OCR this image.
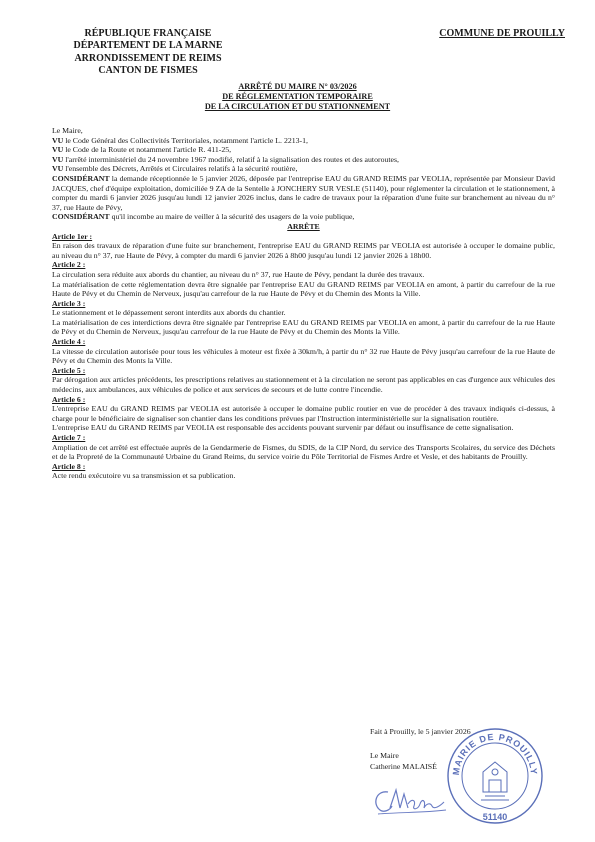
RÉPUBLIQUE FRANÇAISE
DÉPARTEMENT DE LA MARNE
ARRONDISSEMENT DE REIMS
CANTON DE FISMES
COMMUNE DE PROUILLY
ARRÊTÉ DU MAIRE N° 03/2026
DE RÉGLEMENTATION TEMPORAIRE
DE LA CIRCULATION ET DU STATIONNEMENT

Le Maire,

VU le Code Général des Collectivités Territoriales, notamment l'article L. 2213-1,

VU le Code de la Route et notamment l'article R. 411-25,

VU l'arrêté interministériel du 24 novembre 1967 modifié, relatif à la signalisation des routes et des autoroutes,

VU l'ensemble des Décrets, Arrêtés et Circulaires relatifs à la sécurité routière,

CONSIDÉRANT la demande réceptionnée le 5 janvier 2026, déposée par l'entreprise EAU du GRAND REIMS par VEOLIA, représentée par Monsieur David JACQUES, chef d'équipe exploitation, domiciliée 9 ZA de la Sentelle à JONCHERY SUR VESLE (51140), pour réglementer la circulation et le stationnement, à compter du mardi 6 janvier 2026 jusqu'au lundi 12 janvier 2026 inclus, dans le cadre de travaux pour la réparation d'une fuite sur branchement au niveau du n° 37, rue Haute de Pévy,

CONSIDÉRANT qu'il incombe au maire de veiller à la sécurité des usagers de la voie publique,

ARRÊTE

Article 1er :

En raison des travaux de réparation d'une fuite sur branchement, l'entreprise EAU du GRAND REIMS par VEOLIA est autorisée à occuper le domaine public, au niveau du n° 37, rue Haute de Pévy, à compter du mardi 6 janvier 2026 à 8h00 jusqu'au lundi 12 janvier 2026 à 18h00.

Article 2 :

La circulation sera réduite aux abords du chantier, au niveau du n° 37, rue Haute de Pévy, pendant la durée des travaux.

La matérialisation de cette réglementation devra être signalée par l'entreprise EAU du GRAND REIMS par VEOLIA en amont, à partir du carrefour de la rue Haute de Pévy et du Chemin de Nerveux, jusqu'au carrefour de la rue Haute de Pévy et du Chemin des Monts la Ville.

Article 3 :

Le stationnement et le dépassement seront interdits aux abords du chantier.

La matérialisation de ces interdictions devra être signalée par l'entreprise EAU du GRAND REIMS par VEOLIA en amont, à partir du carrefour de la rue Haute de Pévy et du Chemin de Nerveux, jusqu'au carrefour de la rue Haute de Pévy et du Chemin des Monts la Ville.

Article 4 :

La vitesse de circulation autorisée pour tous les véhicules à moteur est fixée à 30km/h, à partir du n° 32 rue Haute de Pévy jusqu'au carrefour de la rue Haute de Pévy et du Chemin des Monts la Ville.

Article 5 :

Par dérogation aux articles précédents, les prescriptions relatives au stationnement et à la circulation ne seront pas applicables en cas d'urgence aux véhicules des médecins, aux ambulances, aux véhicules de police et aux services de secours et de lutte contre l'incendie.

Article 6 :

L'entreprise EAU du GRAND REIMS par VEOLIA est autorisée à occuper le domaine public routier en vue de procéder à des travaux indiqués ci-dessus, à charge pour le bénéficiaire de signaliser son chantier dans les conditions prévues par l'Instruction interministérielle sur la signalisation routière.

L'entreprise EAU du GRAND REIMS par VEOLIA est responsable des accidents pouvant survenir par défaut ou insuffisance de cette signalisation.

Article 7 :

Ampliation de cet arrêté est effectuée auprès de la Gendarmerie de Fismes, du SDIS, de la CIP Nord, du service des Transports Scolaires, du service des Déchets et de la Propreté de la Communauté Urbaine du Grand Reims, du service voirie du Pôle Territorial de Fismes Ardre et Vesle, et des habitants de Prouilly.

Article 8 :

Acte rendu exécutoire vu sa transmission et sa publication.

Fait à Prouilly, le 5 janvier 2026
Le Maire
Catherine MALAISÉ MAIRIE DE PROUILLY
51140
